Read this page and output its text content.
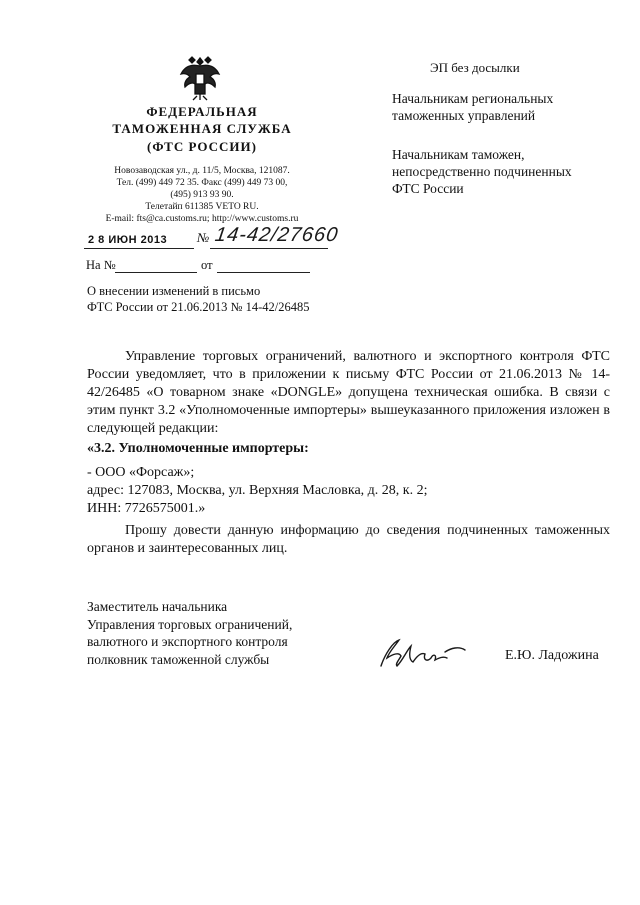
ФЕДЕРАЛЬНАЯ
ТАМОЖЕННАЯ СЛУЖБА
(ФТС РОССИИ)
Новозаводская ул., д. 11/5, Москва, 121087.
Тел. (499) 449 72 35. Факс (499) 449 73 00,
(495) 913 93 90.
Телетайп 611385 VETO RU.
E-mail: fts@ca.customs.ru; http://www.customs.ru
2 8 ИЮН 2013 № 14-42/27660
На №	от
О внесении изменений в письмо
ФТС России от 21.06.2013 № 14-42/26485
ЭП без досылки
Начальникам региональных
таможенных управлений
Начальникам таможен,
непосредственно подчиненных
ФТС России
Управление торговых ограничений, валютного и экспортного контроля ФТС России уведомляет, что в приложении к письму ФТС России от 21.06.2013 № 14-42/26485 «О товарном знаке «DONGLE» допущена техническая ошибка. В связи с этим пункт 3.2 «Уполномоченные импортеры» вышеуказанного приложения изложен в следующей редакции:
«3.2. Уполномоченные импортеры:
- ООО «Форсаж»;
адрес: 127083, Москва, ул. Верхняя Масловка, д. 28, к. 2;
ИНН: 7726575001.»
Прошу довести данную информацию до сведения подчиненных таможенных органов и заинтересованных лиц.
Заместитель начальника
Управления торговых ограничений,
валютного и экспортного контроля
полковник таможенной службы	Е.Ю. Ладожина
